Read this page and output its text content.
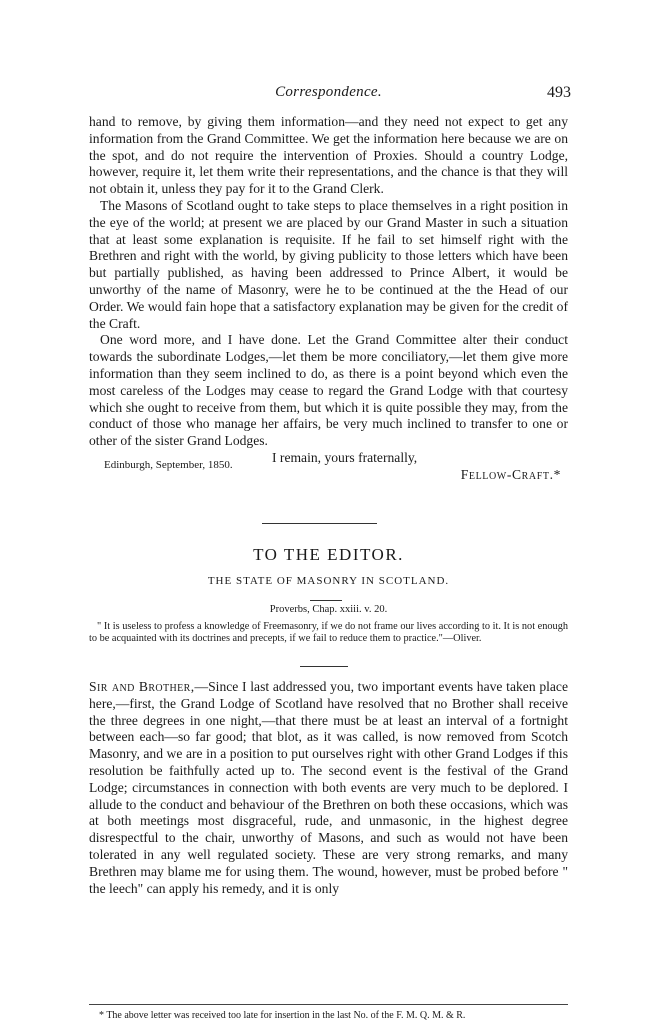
Correspondence.	493

hand to remove, by giving them information—and they need not expect to get any information from the Grand Committee. We get the information here because we are on the spot, and do not require the intervention of Proxies. Should a country Lodge, however, require it, let them write their representations, and the chance is that they will not obtain it, unless they pay for it to the Grand Clerk.

The Masons of Scotland ought to take steps to place themselves in a right position in the eye of the world; at present we are placed by our Grand Master in such a situation that at least some explanation is requisite. If he fail to set himself right with the Brethren and right with the world, by giving publicity to those letters which have been but partially published, as having been addressed to Prince Albert, it would be unworthy of the name of Masonry, were he to be continued at the the Head of our Order. We would fain hope that a satisfactory explanation may be given for the credit of the Craft.

One word more, and I have done. Let the Grand Committee alter their conduct towards the subordinate Lodges,—let them be more conciliatory,—let them give more information than they seem inclined to do, as there is a point beyond which even the most careless of the Lodges may cease to regard the Grand Lodge with that courtesy which she ought to receive from them, but which it is quite possible they may, from the conduct of those who manage her affairs, be very much inclined to transfer to one or other of the sister Grand Lodges.

I remain, yours fraternally,
Fellow-Craft.*
Edinburgh, September, 1850.
TO THE EDITOR.
THE STATE OF MASONRY IN SCOTLAND.
Proverbs, Chap. xxiii. v. 20.
" It is useless to profess a knowledge of Freemasonry, if we do not frame our lives according to it. It is not enough to be acquainted with its doctrines and precepts, if we fail to reduce them to practice."—Oliver.

Sir and Brother,—Since I last addressed you, two important events have taken place here,—first, the Grand Lodge of Scotland have resolved that no Brother shall receive the three degrees in one night,—that there must be at least an interval of a fortnight between each—so far good; that blot, as it was called, is now removed from Scotch Masonry, and we are in a position to put ourselves right with other Grand Lodges if this resolution be faithfully acted up to. The second event is the festival of the Grand Lodge; circumstances in connection with both events are very much to be deplored. I allude to the conduct and behaviour of the Brethren on both these occasions, which was at both meetings most disgraceful, rude, and unmasonic, in the highest degree disrespectful to the chair, unworthy of Masons, and such as would not have been tolerated in any well regulated society. These are very strong remarks, and many Brethren may blame me for using them. The wound, however, must be probed before " the leech" can apply his remedy, and it is only

* The above letter was received too late for insertion in the last No. of the F. M. Q. M. & R.
